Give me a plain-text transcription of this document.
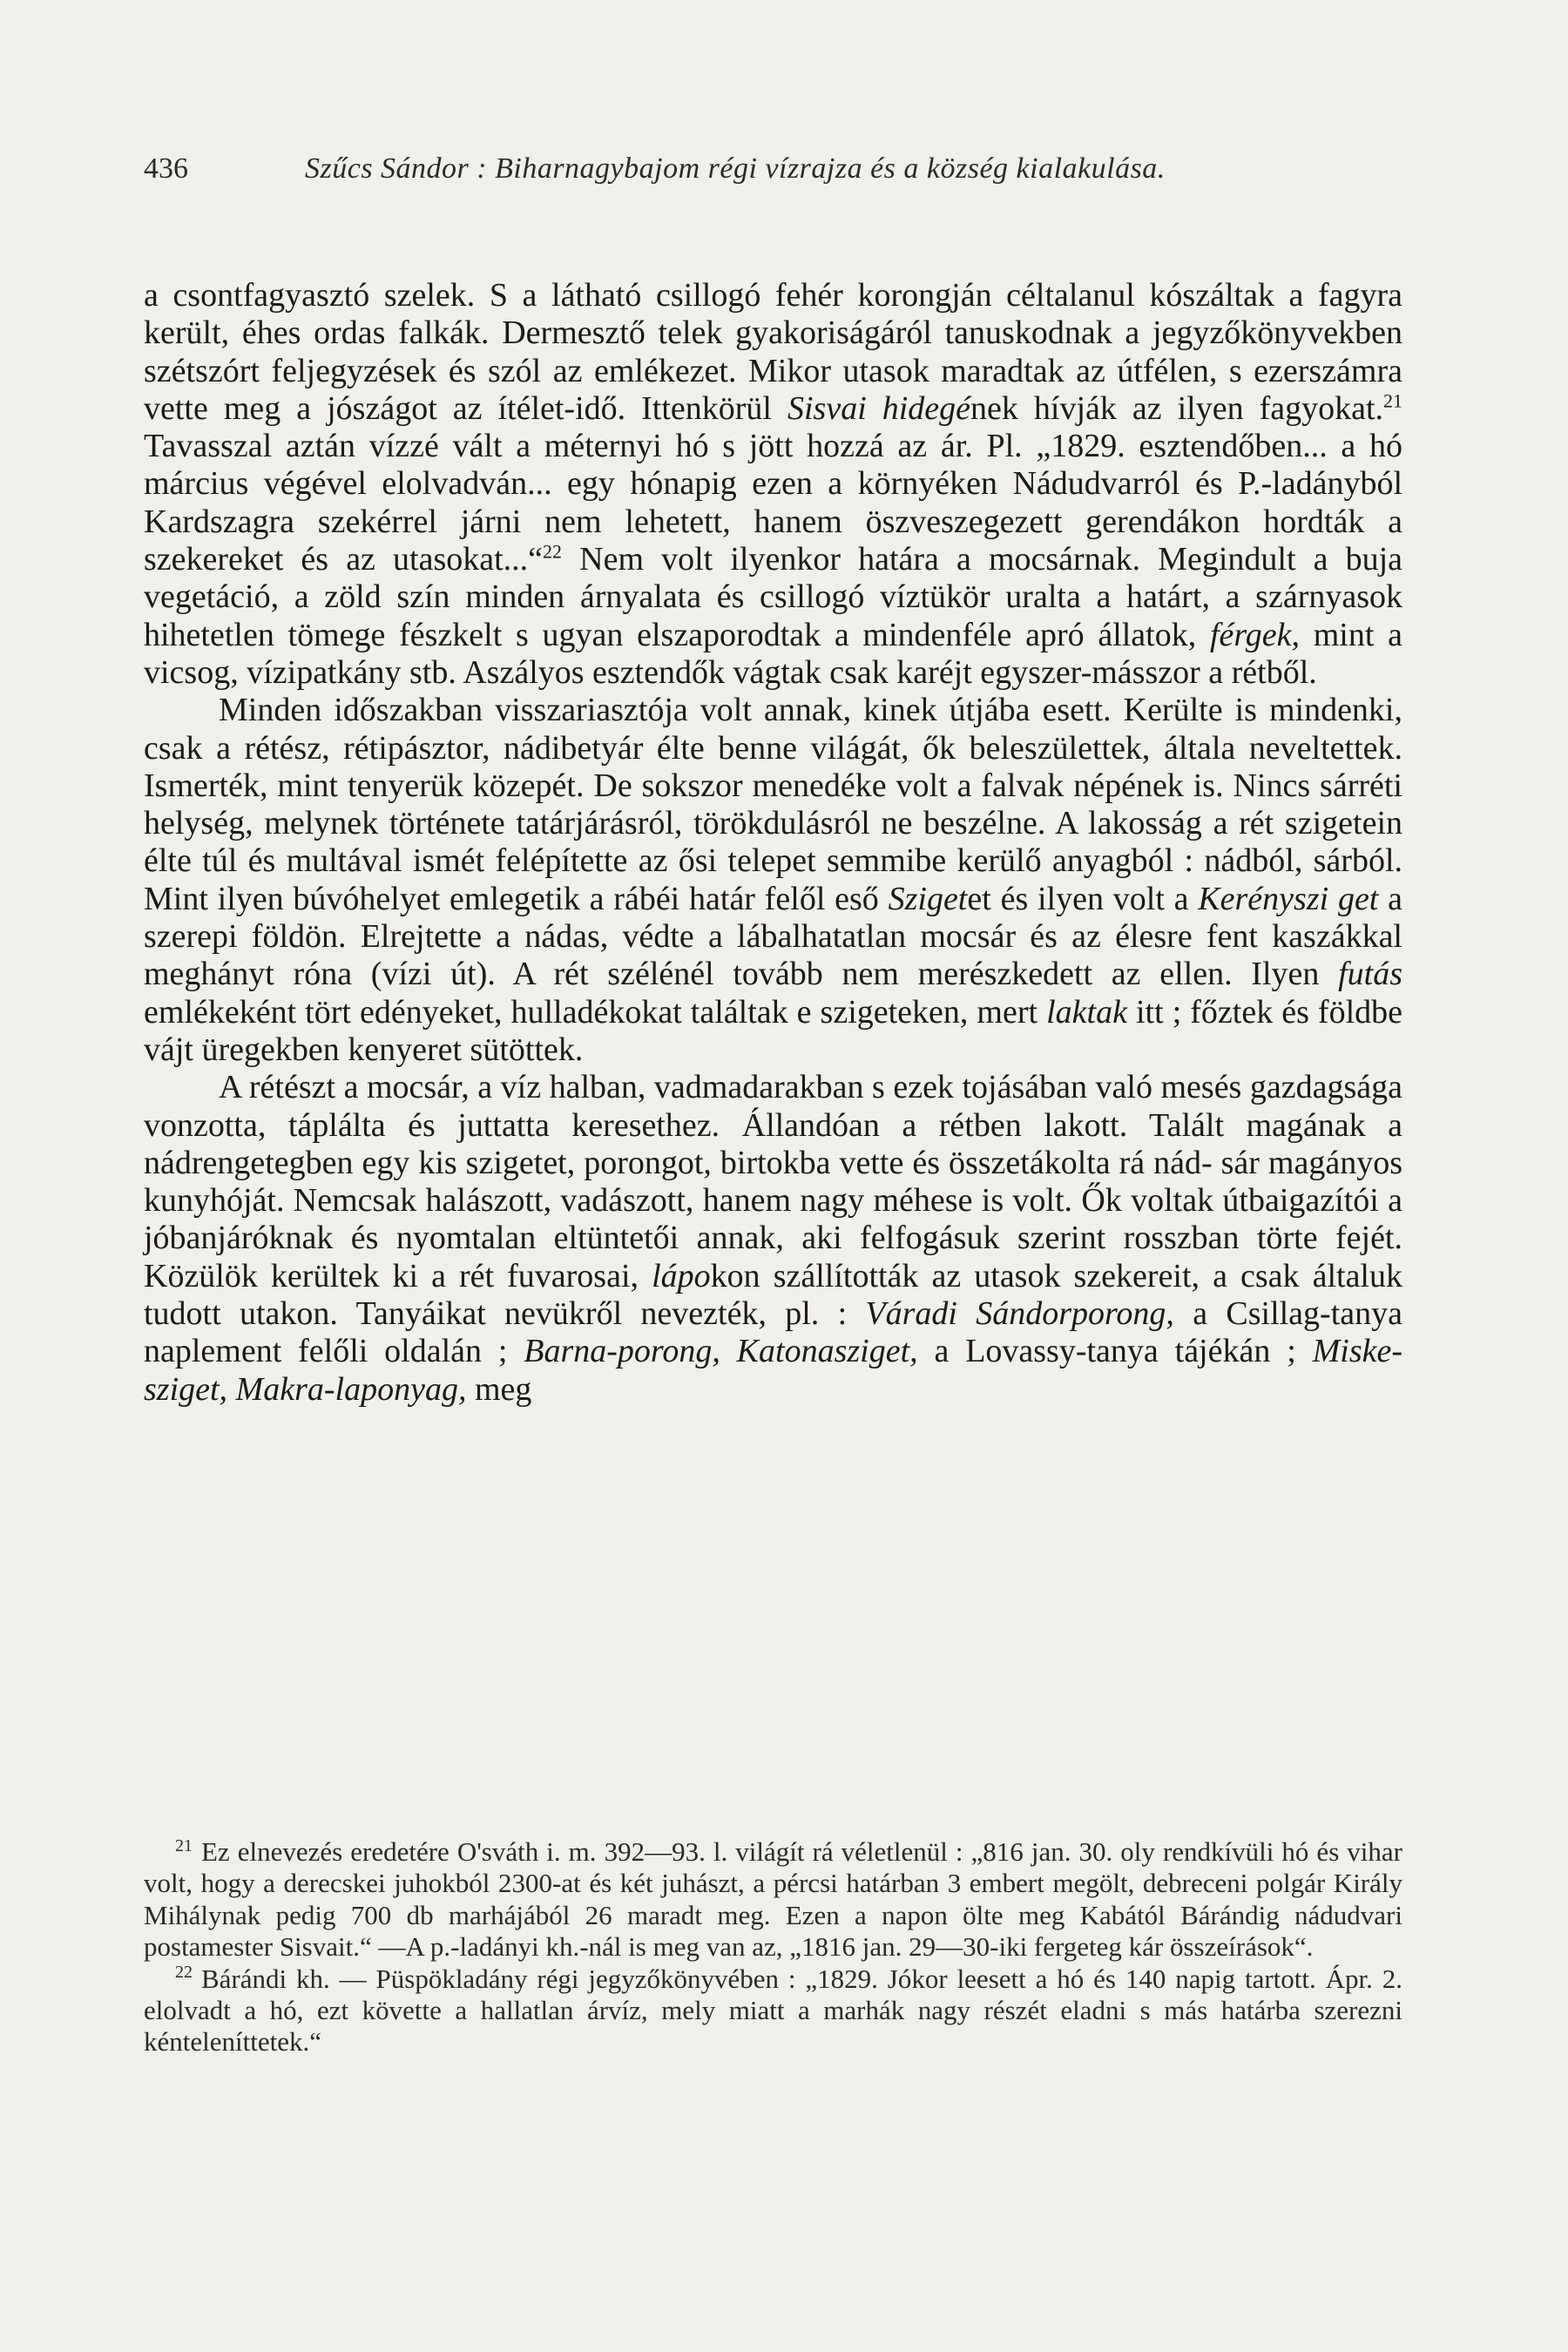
436	Szűcs Sándor : Biharnagybajom régi vízrajza és a község kialakulása.

a csontfagyasztó szelek. S a látható csillogó fehér korongján céltalanul kószáltak a fagyra került, éhes ordas falkák. Dermesztő telek gyakoriságáról tanuskodnak a jegyzőkönyvekben szétszórt feljegyzések és szól az emlékezet. Mikor utasok maradtak az útfélen, s ezerszámra vette meg a jószágot az ítélet-idő. Ittenkörül Sisvai hidegének hívják az ilyen fagyokat.$^{21}$ Tavasszal aztán vízzé vált a méternyi hó s jött hozzá az ár. Pl. „1829. esztendőben... a hó március végével elolvadván... egy hónapig ezen a környéken Nádudvarról és P.-ladányból Kardszagra szekérrel járni nem lehetett, hanem öszveszegezett gerendákon hordták a szekereket és az utasokat...“$^{22}$ Nem volt ilyenkor határa a mocsárnak. Megindult a buja vegetáció, a zöld szín minden árnyalata és csillogó víztükör uralta a határt, a szárnyasok hihetetlen tömege fészkelt s ugyan elszaporodtak a mindenféle apró állatok, férgek, mint a vicsog, vízipatkány stb. Aszályos esztendők vágtak csak karéjt egyszer-másszor a rétből.

Minden időszakban visszariasztója volt annak, kinek útjába esett. Kerülte is mindenki, csak a rétész, rétipásztor, nádibetyár élte benne világát, ők beleszülettek, általa neveltettek. Ismerték, mint tenyerük közepét. De sokszor menedéke volt a falvak népének is. Nincs sárréti helység, melynek története tatárjárásról, törökdulásról ne beszélne. A lakosság a rét szigetein élte túl és multával ismét felépítette az ősi telepet semmibe kerülő anyagból : nádból, sárból. Mint ilyen búvóhelyet emlegetik a rábéi határ felől eső Szigetet és ilyen volt a Kerényszi get a szerepi földön. Elrejtette a nádas, védte a lábalhatatlan mocsár és az élesre fent kaszákkal meghányt róna (vízi út). A rét szélénél tovább nem merészkedett az ellen. Ilyen futás emlékeként tört edényeket, hulladékokat találtak e szigeteken, mert laktak itt ; főztek és földbe vájt üregekben kenyeret sütöttek.

A rétészt a mocsár, a víz halban, vadmadarakban s ezek tojásában való mesés gazdagsága vonzotta, táplálta és juttatta keresethez. Állandóan a rétben lakott. Talált magának a nádrengetegben egy kis szigetet, porongot, birtokba vette és összetákolta rá nád- sár magányos kunyhóját. Nemcsak halászott, vadászott, hanem nagy méhese is volt. Ők voltak útbaigazítói a jóbanjáróknak és nyomtalan eltüntetői annak, aki felfogásuk szerint rosszban törte fejét. Közülök kerültek ki a rét fuvarosai, lápokon szállították az utasok szekereit, a csak általuk tudott utakon. Tanyáikat nevükről nevezték, pl. : Váradi Sándorporong, a Csillag-tanya naplement felőli oldalán ; Barna-porong, Katonasziget, a Lovassy-tanya tájékán ; Miske-sziget, Makra-laponyag, meg

$^{21}$ Ez elnevezés eredetére O'sváth i. m. 392—93. l. világít rá véletlenül : „816 jan. 30. oly rendkívüli hó és vihar volt, hogy a derecskei juhokból 2300-at és két juhászt, a pércsi határban 3 embert megölt, debreceni polgár Király Mihálynak pedig 700 db marhájából 26 maradt meg. Ezen a napon ölte meg Kabától Bárándig nádudvari postamester Sisvait.“ —A p.-ladányi kh.-nál is meg van az, „1816 jan. 29—30-iki fergeteg kár összeírások“.

$^{22}$ Bárándi kh. — Püspökladány régi jegyzőkönyvében : „1829. Jókor leesett a hó és 140 napig tartott. Ápr. 2. elolvadt a hó, ezt követte a hallatlan árvíz, mely miatt a marhák nagy részét eladni s más határba szerezni kénteleníttetek.“
